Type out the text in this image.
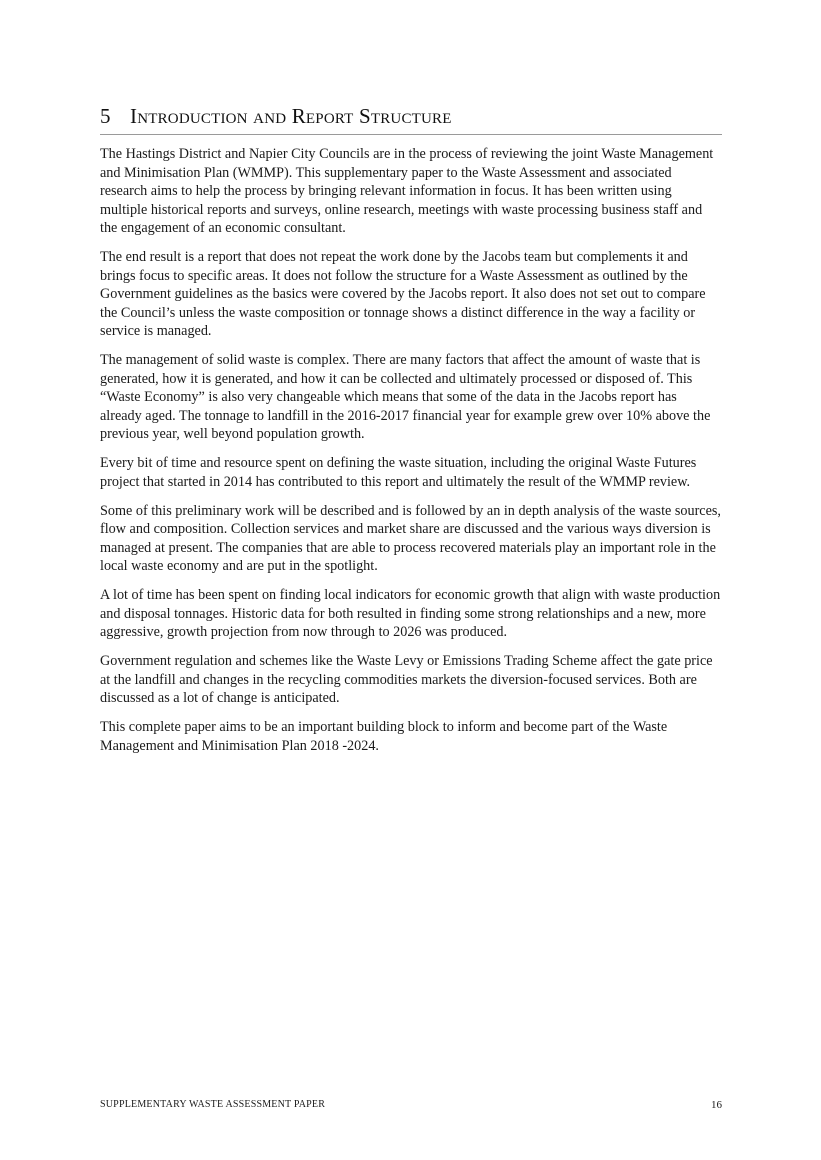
5 Introduction and Report Structure

The Hastings District and Napier City Councils are in the process of reviewing the joint Waste Management and Minimisation Plan (WMMP). This supplementary paper to the Waste Assessment and associated research aims to help the process by bringing relevant information in focus. It has been written using multiple historical reports and surveys, online research, meetings with waste processing business staff and the engagement of an economic consultant.

The end result is a report that does not repeat the work done by the Jacobs team but complements it and brings focus to specific areas. It does not follow the structure for a Waste Assessment as outlined by the Government guidelines as the basics were covered by the Jacobs report. It also does not set out to compare the Council’s unless the waste composition or tonnage shows a distinct difference in the way a facility or service is managed.

The management of solid waste is complex. There are many factors that affect the amount of waste that is generated, how it is generated, and how it can be collected and ultimately processed or disposed of. This “Waste Economy” is also very changeable which means that some of the data in the Jacobs report has already aged. The tonnage to landfill in the 2016-2017 financial year for example grew over 10% above the previous year, well beyond population growth.

Every bit of time and resource spent on defining the waste situation, including the original Waste Futures project that started in 2014 has contributed to this report and ultimately the result of the WMMP review.

Some of this preliminary work will be described and is followed by an in depth analysis of the waste sources, flow and composition. Collection services and market share are discussed and the various ways diversion is managed at present. The companies that are able to process recovered materials play an important role in the local waste economy and are put in the spotlight.

A lot of time has been spent on finding local indicators for economic growth that align with waste production and disposal tonnages. Historic data for both resulted in finding some strong relationships and a new, more aggressive, growth projection from now through to 2026 was produced.

Government regulation and schemes like the Waste Levy or Emissions Trading Scheme affect the gate price at the landfill and changes in the recycling commodities markets the diversion-focused services. Both are discussed as a lot of change is anticipated.

This complete paper aims to be an important building block to inform and become part of the Waste Management and Minimisation Plan 2018 -2024.

SUPPLEMENTARY WASTE ASSESSMENT PAPER	16
